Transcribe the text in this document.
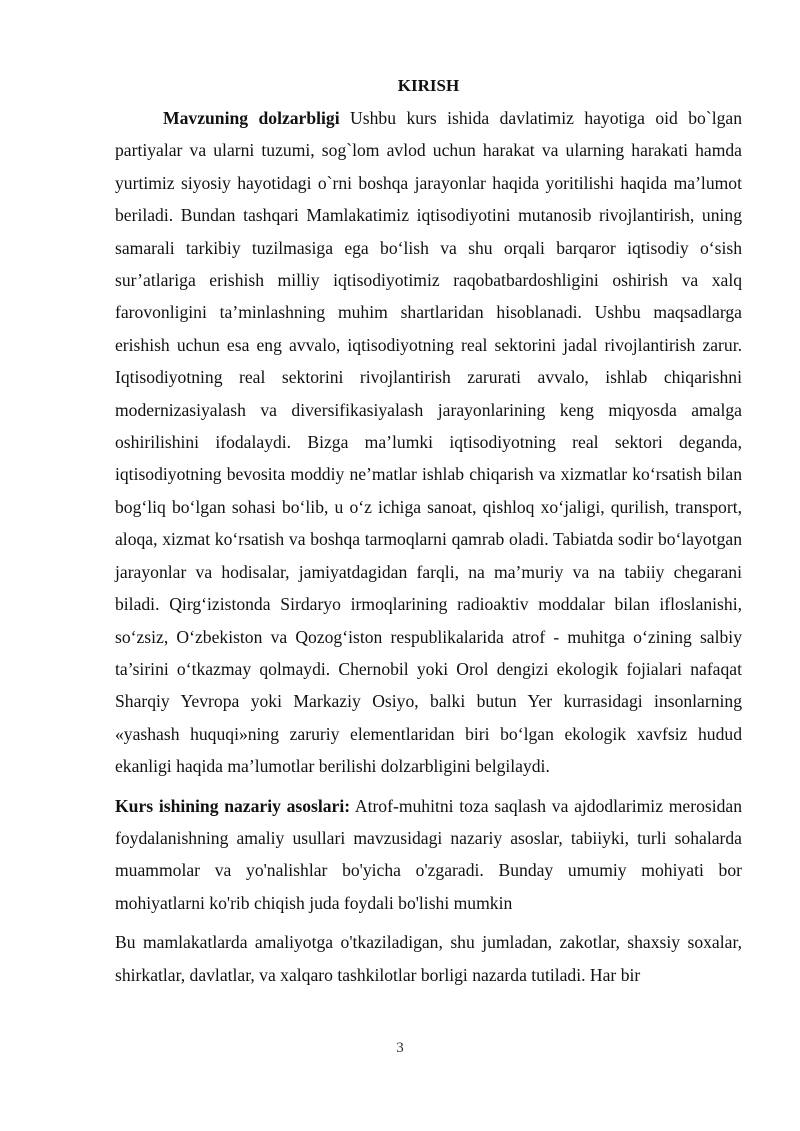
KIRISH

Mavzuning dolzarbligi Ushbu kurs ishida davlatimiz hayotiga oid bo`lgan partiyalar va ularni tuzumi, sog`lom avlod uchun harakat va ularning harakati hamda yurtimiz siyosiy hayotidagi o`rni boshqa jarayonlar haqida yoritilishi haqida ma’lumot beriladi. Bundan tashqari Mamlakatimiz iqtisodiyotini mutanosib rivojlantirish, uning samarali tarkibiy tuzilmasiga ega bo‘lish va shu orqali barqaror iqtisodiy o‘sish sur’atlariga erishish milliy iqtisodiyotimiz raqobatbardoshligini oshirish va xalq farovonligini ta’minlashning muhim shartlaridan hisoblanadi. Ushbu maqsadlarga erishish uchun esa eng avvalo, iqtisodiyotning real sektorini jadal rivojlantirish zarur. Iqtisodiyotning real sektorini rivojlantirish zarurati avvalo, ishlab chiqarishni modernizasiyalash va diversifikasiyalash jarayonlarining keng miqyosda amalga oshirilishini ifodalaydi. Bizga ma’lumki iqtisodiyotning real sektori deganda, iqtisodiyotning bevosita moddiy ne’matlar ishlab chiqarish va xizmatlar ko‘rsatish bilan bog‘liq bo‘lgan sohasi bo‘lib, u o‘z ichiga sanoat, qishloq xo‘jaligi, qurilish, transport, aloqa, xizmat ko‘rsatish va boshqa tarmoqlarni qamrab oladi. Tabiatda sodir bo‘layotgan jarayonlar va hodisalar, jamiyatdagidan farqli, na ma’muriy va na tabiiy chegarani biladi. Qirg‘izistonda Sirdaryo irmoqlarining radioaktiv moddalar bilan ifloslanishi, so‘zsiz, O‘zbekiston va Qozog‘iston respublikalarida atrof - muhitga o‘zining salbiy ta’sirini o‘tkazmay qolmaydi. Chernobil yoki Orol dengizi ekologik fojialari nafaqat Sharqiy Yevropa yoki Markaziy Osiyo, balki butun Yer kurrasidagi insonlarning «yashash huquqi»ning zaruriy elementlaridan biri bo‘lgan ekologik xavfsiz hudud ekanligi haqida ma’lumotlar berilishi dolzarbligini belgilaydi.

Kurs ishining nazariy asoslari: Atrof-muhitni toza saqlash va ajdodlarimiz merosidan foydalanishning amaliy usullari mavzusidagi nazariy asoslar, tabiiyki, turli sohalarda muammolar va yo'nalishlar bo'yicha o'zgaradi. Bunday umumiy mohiyati bor mohiyatlarni ko'rib chiqish juda foydali bo'lishi mumkin

Bu mamlakatlarda amaliyotga o'tkaziladigan, shu jumladan, zakotlar, shaxsiy soxalar, shirkatlar, davlatlar, va xalqaro tashkilotlar borligi nazarda tutiladi. Har bir

3
